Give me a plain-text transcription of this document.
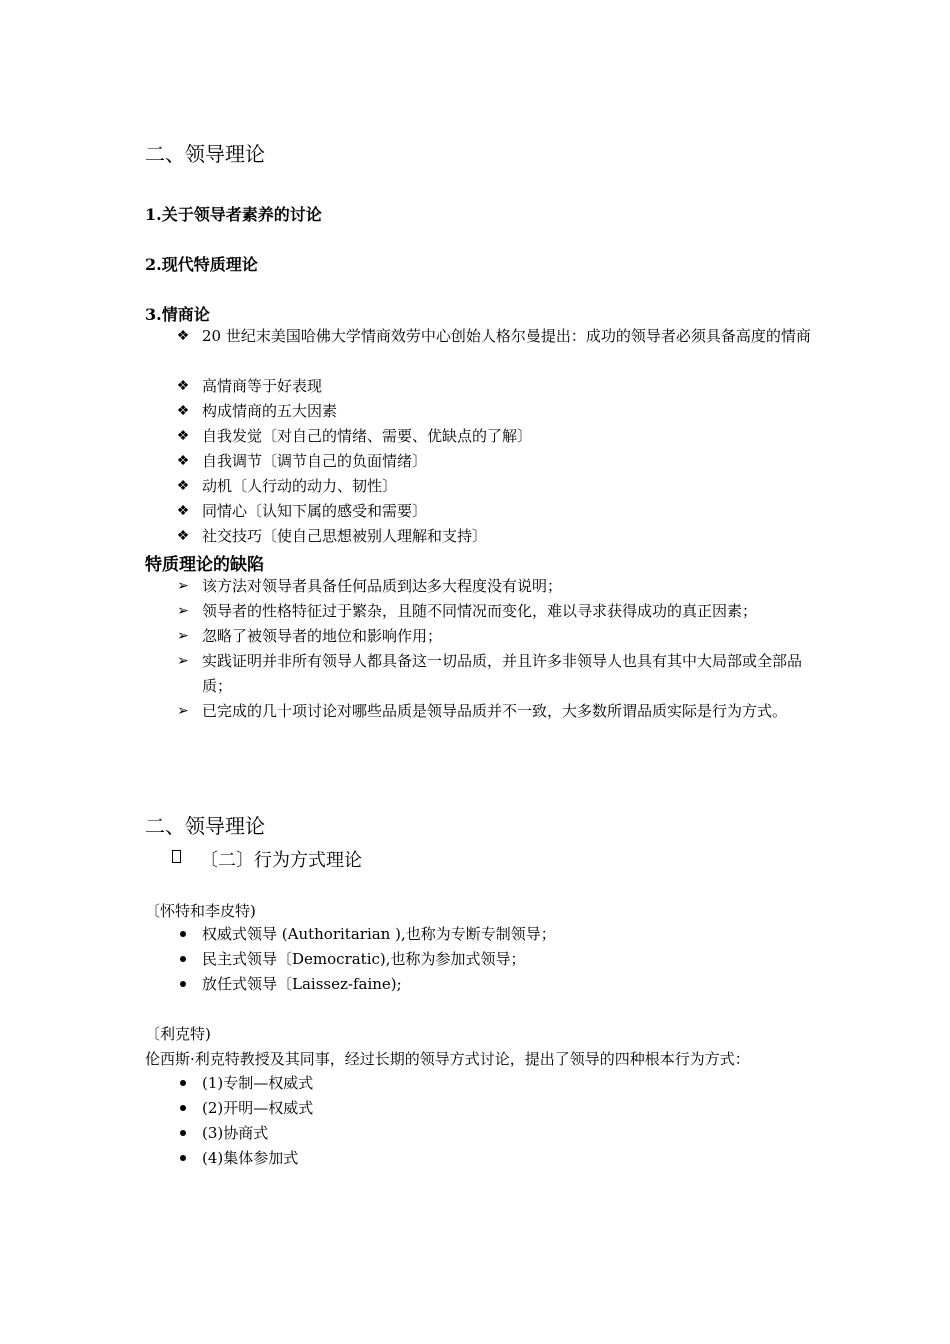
二、领导理论
1.关于领导者素养的讨论
2.现代特质理论
3.情商论
❖ 20 世纪末美国哈佛大学情商效劳中心创始人格尔曼提出：成功的领导者必须具备高度的情商
❖ 高情商等于好表现
❖ 构成情商的五大因素
❖ 自我发觉〔对自己的情绪、需要、优缺点的了解〕
❖ 自我调节〔调节自己的负面情绪〕
❖ 动机〔人行动的动力、韧性〕
❖ 同情心〔认知下属的感受和需要〕
❖ 社交技巧〔使自己思想被别人理解和支持〕
特质理论的缺陷
➢ 该方法对领导者具备任何品质到达多大程度没有说明；
➢ 领导者的性格特征过于繁杂，且随不同情况而变化，难以寻求获得成功的真正因素；
➢ 忽略了被领导者的地位和影响作用；
➢ 实践证明并非所有领导人都具备这一切品质，并且许多非领导人也具有其中大局部或全部品质；
➢ 已完成的几十项讨论对哪些品质是领导品质并不一致，大多数所谓品质实际是行为方式。
二、领导理论
〔二〕行为方式理论
〔怀特和李皮特)
权威式领导 (Authoritarian ),也称为专断专制领导；
民主式领导〔Democratic),也称为参加式领导；
放任式领导〔Laissez-faine);
〔利克特)
伦西斯·利克特教授及其同事，经过长期的领导方式讨论，提出了领导的四种根本行为方式：
(1)专制—权威式
(2)开明—权威式
(3)协商式
(4)集体参加式
